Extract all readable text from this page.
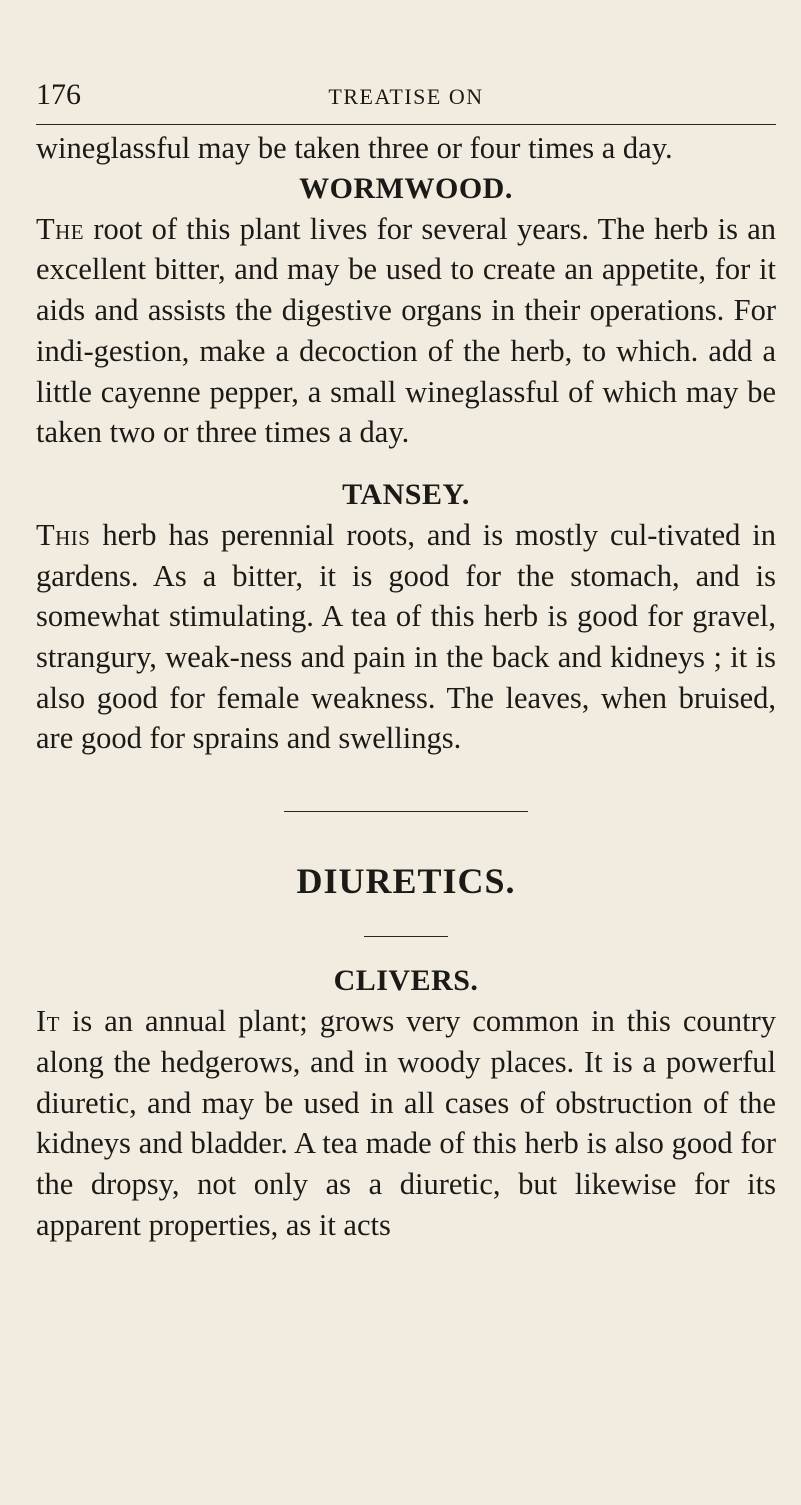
176	TREATISE ON

wineglassful may be taken three or four times a day.

WORMWOOD.

The root of this plant lives for several years. The herb is an excellent bitter, and may be used to create an appetite, for it aids and assists the digestive organs in their operations. For indi-gestion, make a decoction of the herb, to which. add a little cayenne pepper, a small wineglassful of which may be taken two or three times a day.

TANSEY.

This herb has perennial roots, and is mostly cul-tivated in gardens. As a bitter, it is good for the stomach, and is somewhat stimulating. A tea of this herb is good for gravel, strangury, weak-ness and pain in the back and kidneys ; it is also good for female weakness. The leaves, when bruised, are good for sprains and swellings.

DIURETICS.
CLIVERS.

It is an annual plant; grows very common in this country along the hedgerows, and in woody places. It is a powerful diuretic, and may be used in all cases of obstruction of the kidneys and bladder. A tea made of this herb is also good for the dropsy, not only as a diuretic, but likewise for its apparent properties, as it acts
